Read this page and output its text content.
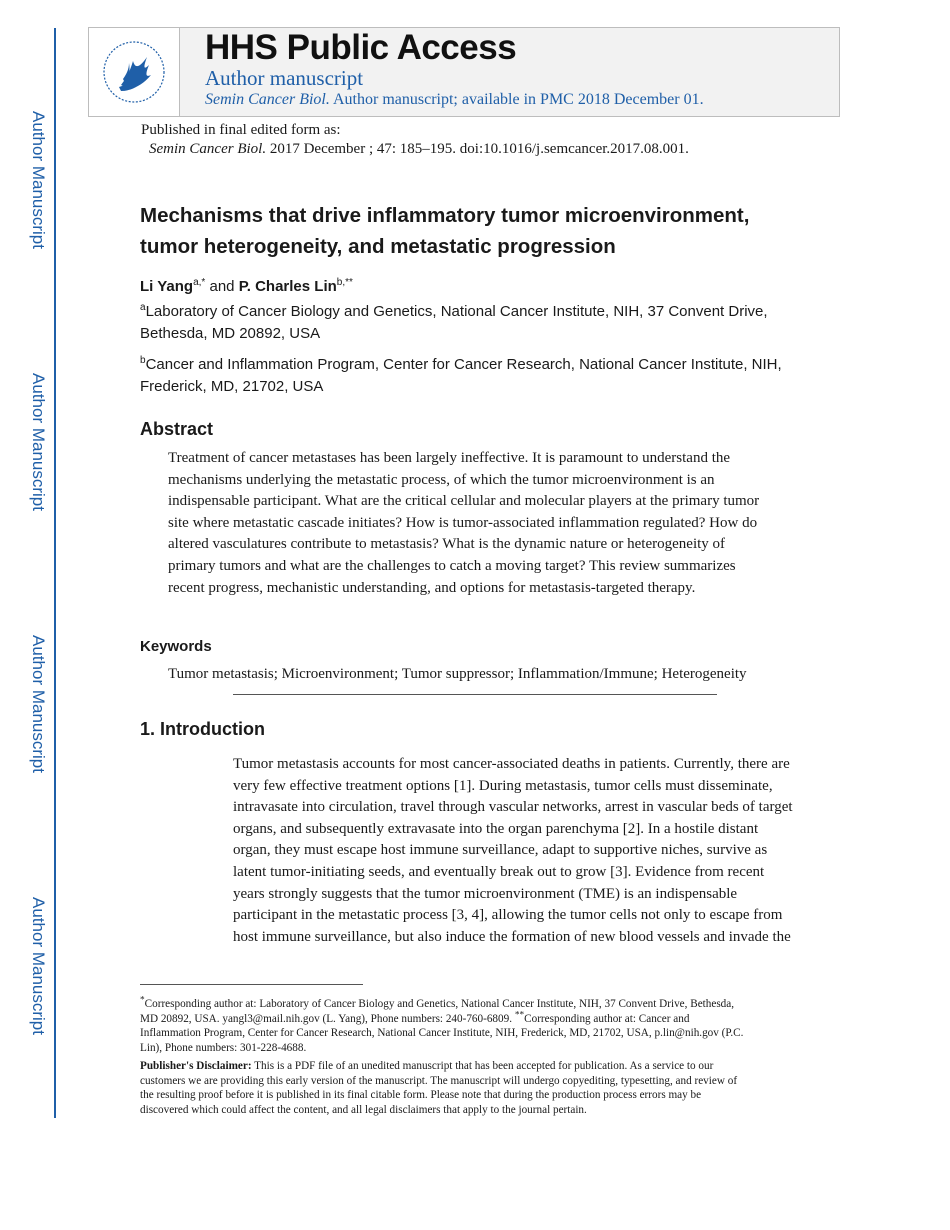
Author Manuscript
Author Manuscript
Author Manuscript
Author Manuscript
HHS Public Access
Author manuscript
Semin Cancer Biol. Author manuscript; available in PMC 2018 December 01.
Published in final edited form as:
Semin Cancer Biol. 2017 December ; 47: 185–195. doi:10.1016/j.semcancer.2017.08.001.
Mechanisms that drive inflammatory tumor microenvironment,
tumor heterogeneity, and metastatic progression
Li Yang$^{a,*}$ and P. Charles Lin$^{b,**}$
$^a$Laboratory of Cancer Biology and Genetics, National Cancer Institute, NIH, 37 Convent Drive,
Bethesda, MD 20892, USA
$^b$Cancer and Inflammation Program, Center for Cancer Research, National Cancer Institute, NIH,
Frederick, MD, 21702, USA
Abstract
Treatment of cancer metastases has been largely ineffective. It is paramount to understand the
mechanisms underlying the metastatic process, of which the tumor microenvironment is an
indispensable participant. What are the critical cellular and molecular players at the primary tumor
site where metastatic cascade initiates? How is tumor-associated inflammation regulated? How do
altered vasculatures contribute to metastasis? What is the dynamic nature or heterogeneity of
primary tumors and what are the challenges to catch a moving target? This review summarizes
recent progress, mechanistic understanding, and options for metastasis-targeted therapy.
Keywords
Tumor metastasis; Microenvironment; Tumor suppressor; Inflammation/Immune; Heterogeneity
1. Introduction
Tumor metastasis accounts for most cancer-associated deaths in patients. Currently, there are
very few effective treatment options [1]. During metastasis, tumor cells must disseminate,
intravasate into circulation, travel through vascular networks, arrest in vascular beds of target
organs, and subsequently extravasate into the organ parenchyma [2]. In a hostile distant
organ, they must escape host immune surveillance, adapt to supportive niches, survive as
latent tumor-initiating seeds, and eventually break out to grow [3]. Evidence from recent
years strongly suggests that the tumor microenvironment (TME) is an indispensable
participant in the metastatic process [3, 4], allowing the tumor cells not only to escape from
host immune surveillance, but also induce the formation of new blood vessels and invade the
*Corresponding author at: Laboratory of Cancer Biology and Genetics, National Cancer Institute, NIH, 37 Convent Drive, Bethesda,
MD 20892, USA. yangl3@mail.nih.gov (L. Yang), Phone numbers: 240-760-6809. **Corresponding author at: Cancer and
Inflammation Program, Center for Cancer Research, National Cancer Institute, NIH, Frederick, MD, 21702, USA, p.lin@nih.gov (P.C.
Lin), Phone numbers: 301-228-4688.
Publisher's Disclaimer: This is a PDF file of an unedited manuscript that has been accepted for publication. As a service to our
customers we are providing this early version of the manuscript. The manuscript will undergo copyediting, typesetting, and review of
the resulting proof before it is published in its final citable form. Please note that during the production process errors may be
discovered which could affect the content, and all legal disclaimers that apply to the journal pertain.
